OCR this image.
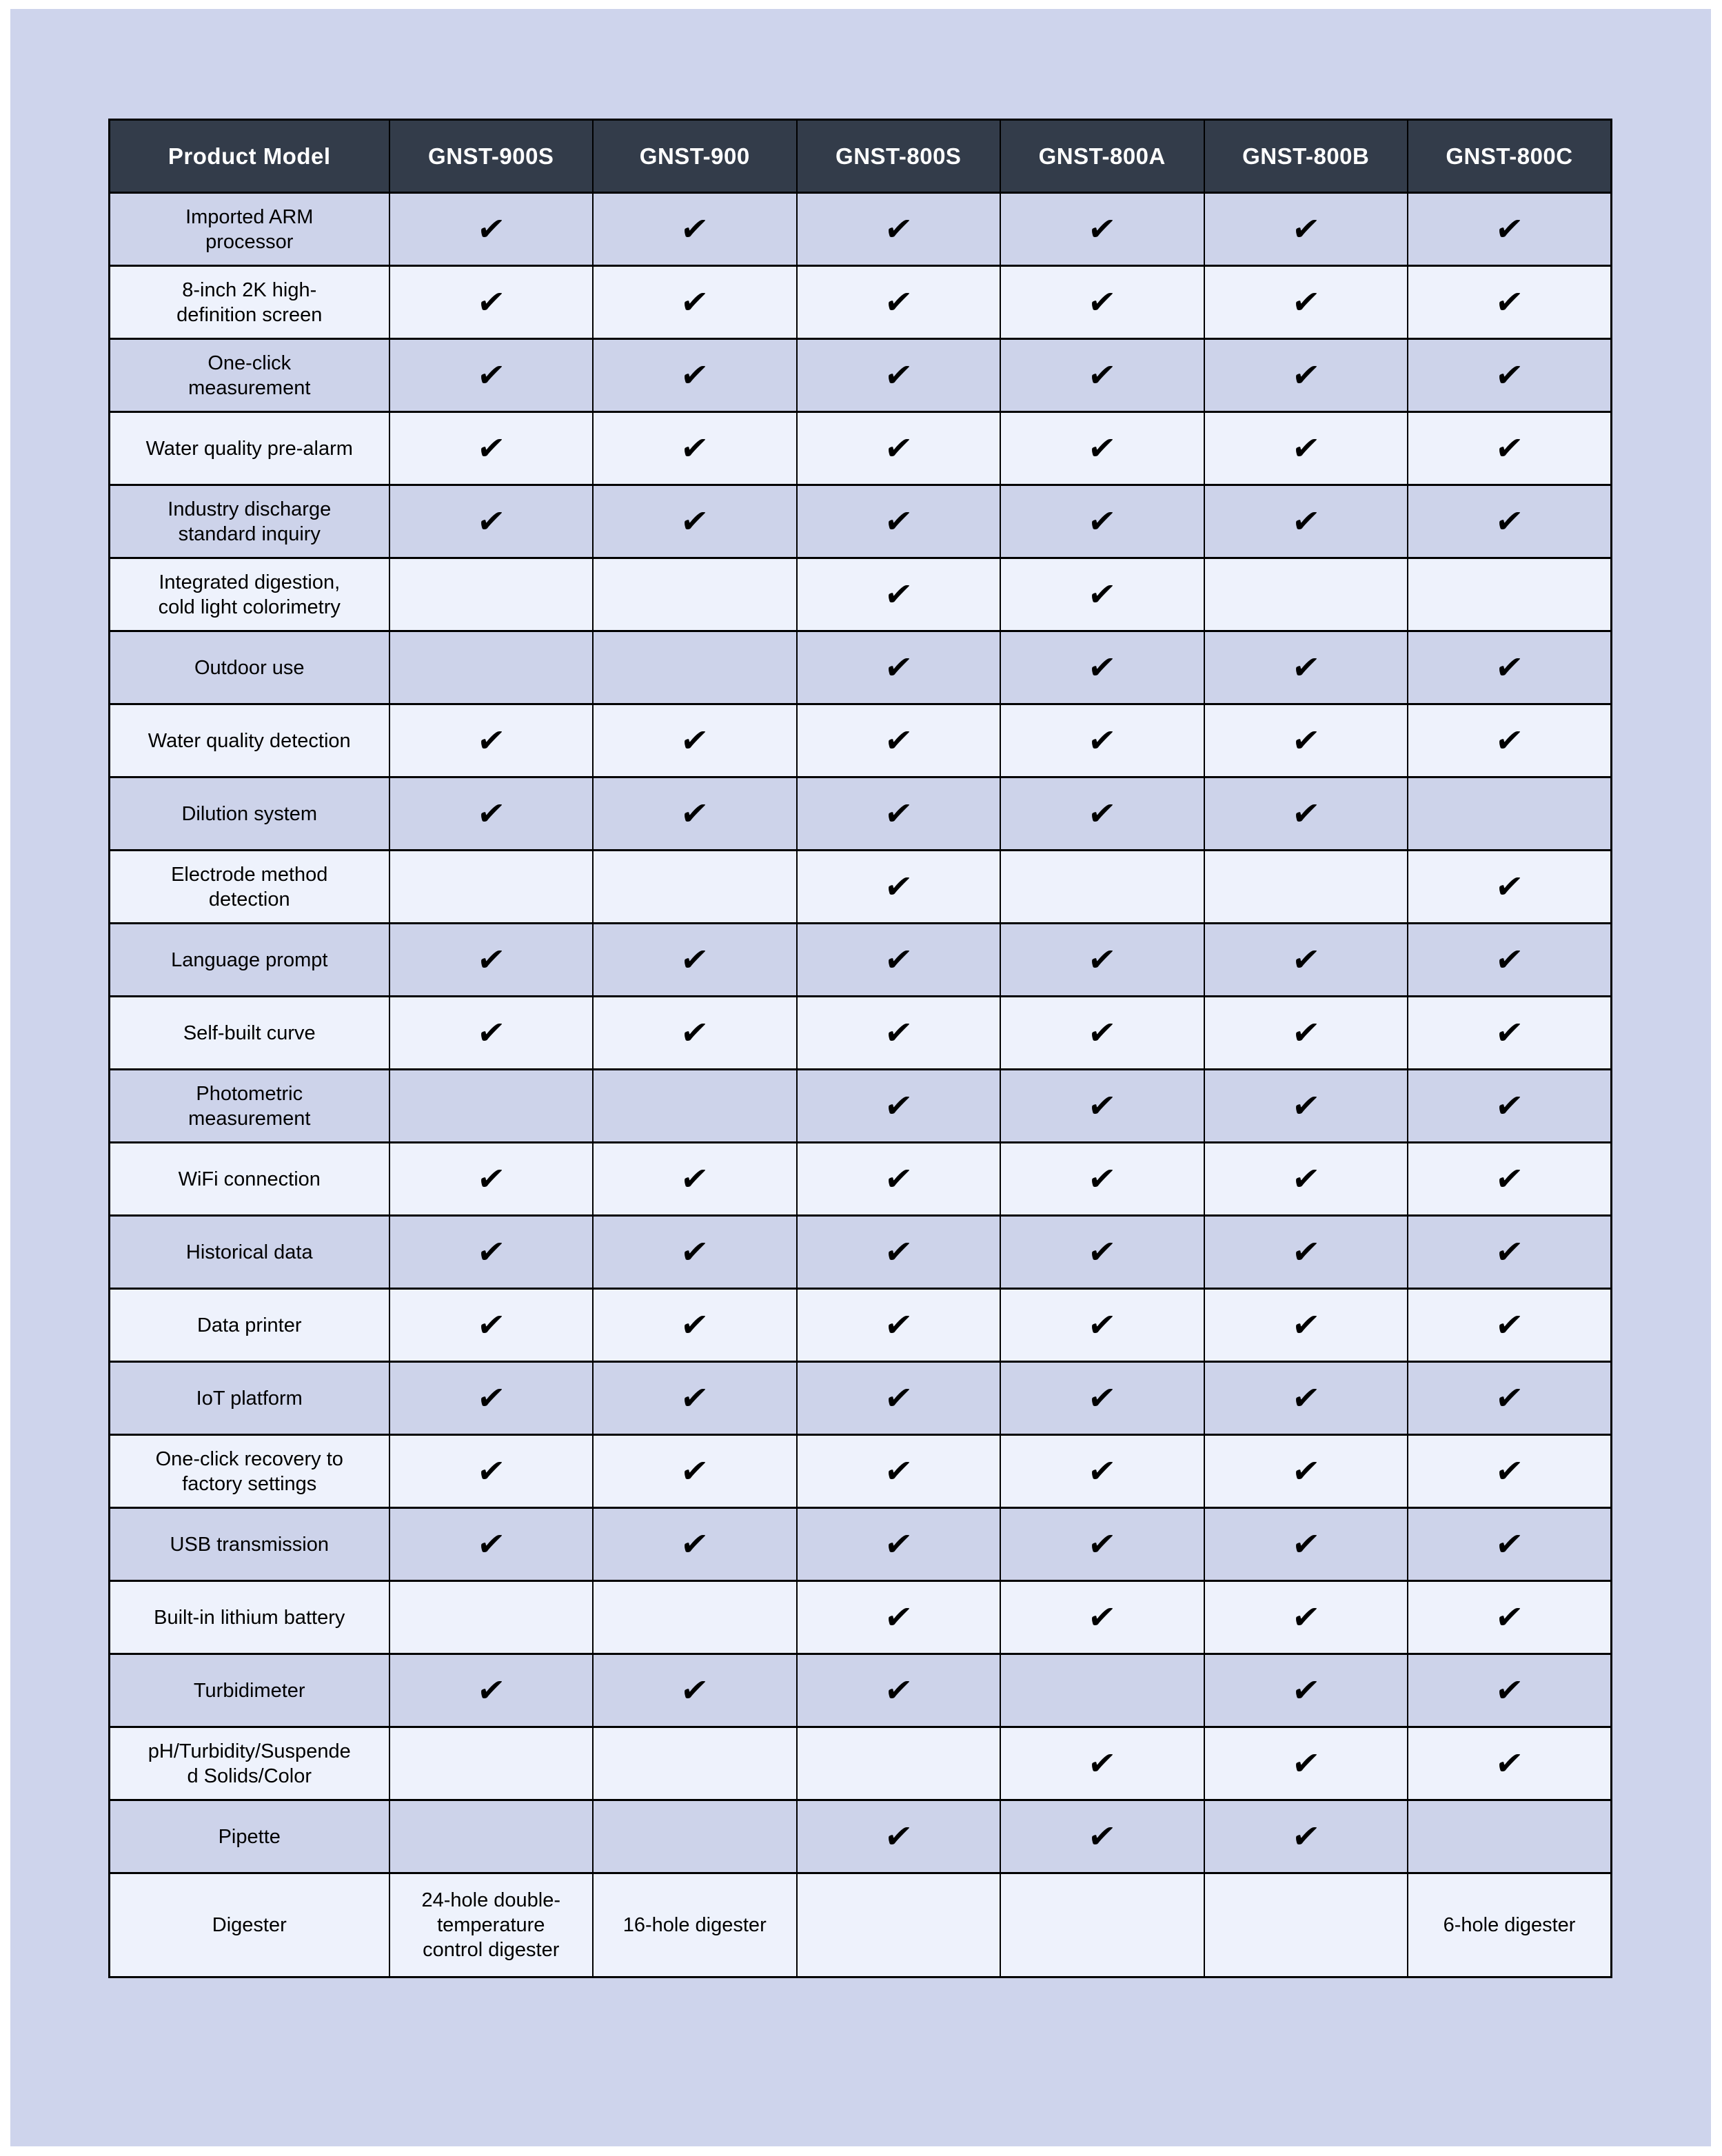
Product Model	GNST-900S	GNST-900	GNST-800S	GNST-800A	GNST-800B	GNST-800C
Imported ARM processor	✔	✔	✔	✔	✔	✔
8-inch 2K high-definition screen	✔	✔	✔	✔	✔	✔
One-click measurement	✔	✔	✔	✔	✔	✔
Water quality pre-alarm	✔	✔	✔	✔	✔	✔
Industry discharge standard inquiry	✔	✔	✔	✔	✔	✔
Integrated digestion, cold light colorimetry			✔	✔		
Outdoor use			✔	✔	✔	✔
Water quality detection	✔	✔	✔	✔	✔	✔
Dilution system	✔	✔	✔	✔	✔	
Electrode method detection			✔			✔
Language prompt	✔	✔	✔	✔	✔	✔
Self-built curve	✔	✔	✔	✔	✔	✔
Photometric measurement			✔	✔	✔	✔
WiFi connection	✔	✔	✔	✔	✔	✔
Historical data	✔	✔	✔	✔	✔	✔
Data printer	✔	✔	✔	✔	✔	✔
IoT platform	✔	✔	✔	✔	✔	✔
One-click recovery to factory settings	✔	✔	✔	✔	✔	✔
USB transmission	✔	✔	✔	✔	✔	✔
Built-in lithium battery			✔	✔	✔	✔
Turbidimeter	✔	✔	✔		✔	✔
pH/Turbidity/Suspended Solids/Color				✔	✔	✔
Pipette			✔	✔	✔	
Digester	24-hole double-temperature control digester	16-hole digester				6-hole digester
